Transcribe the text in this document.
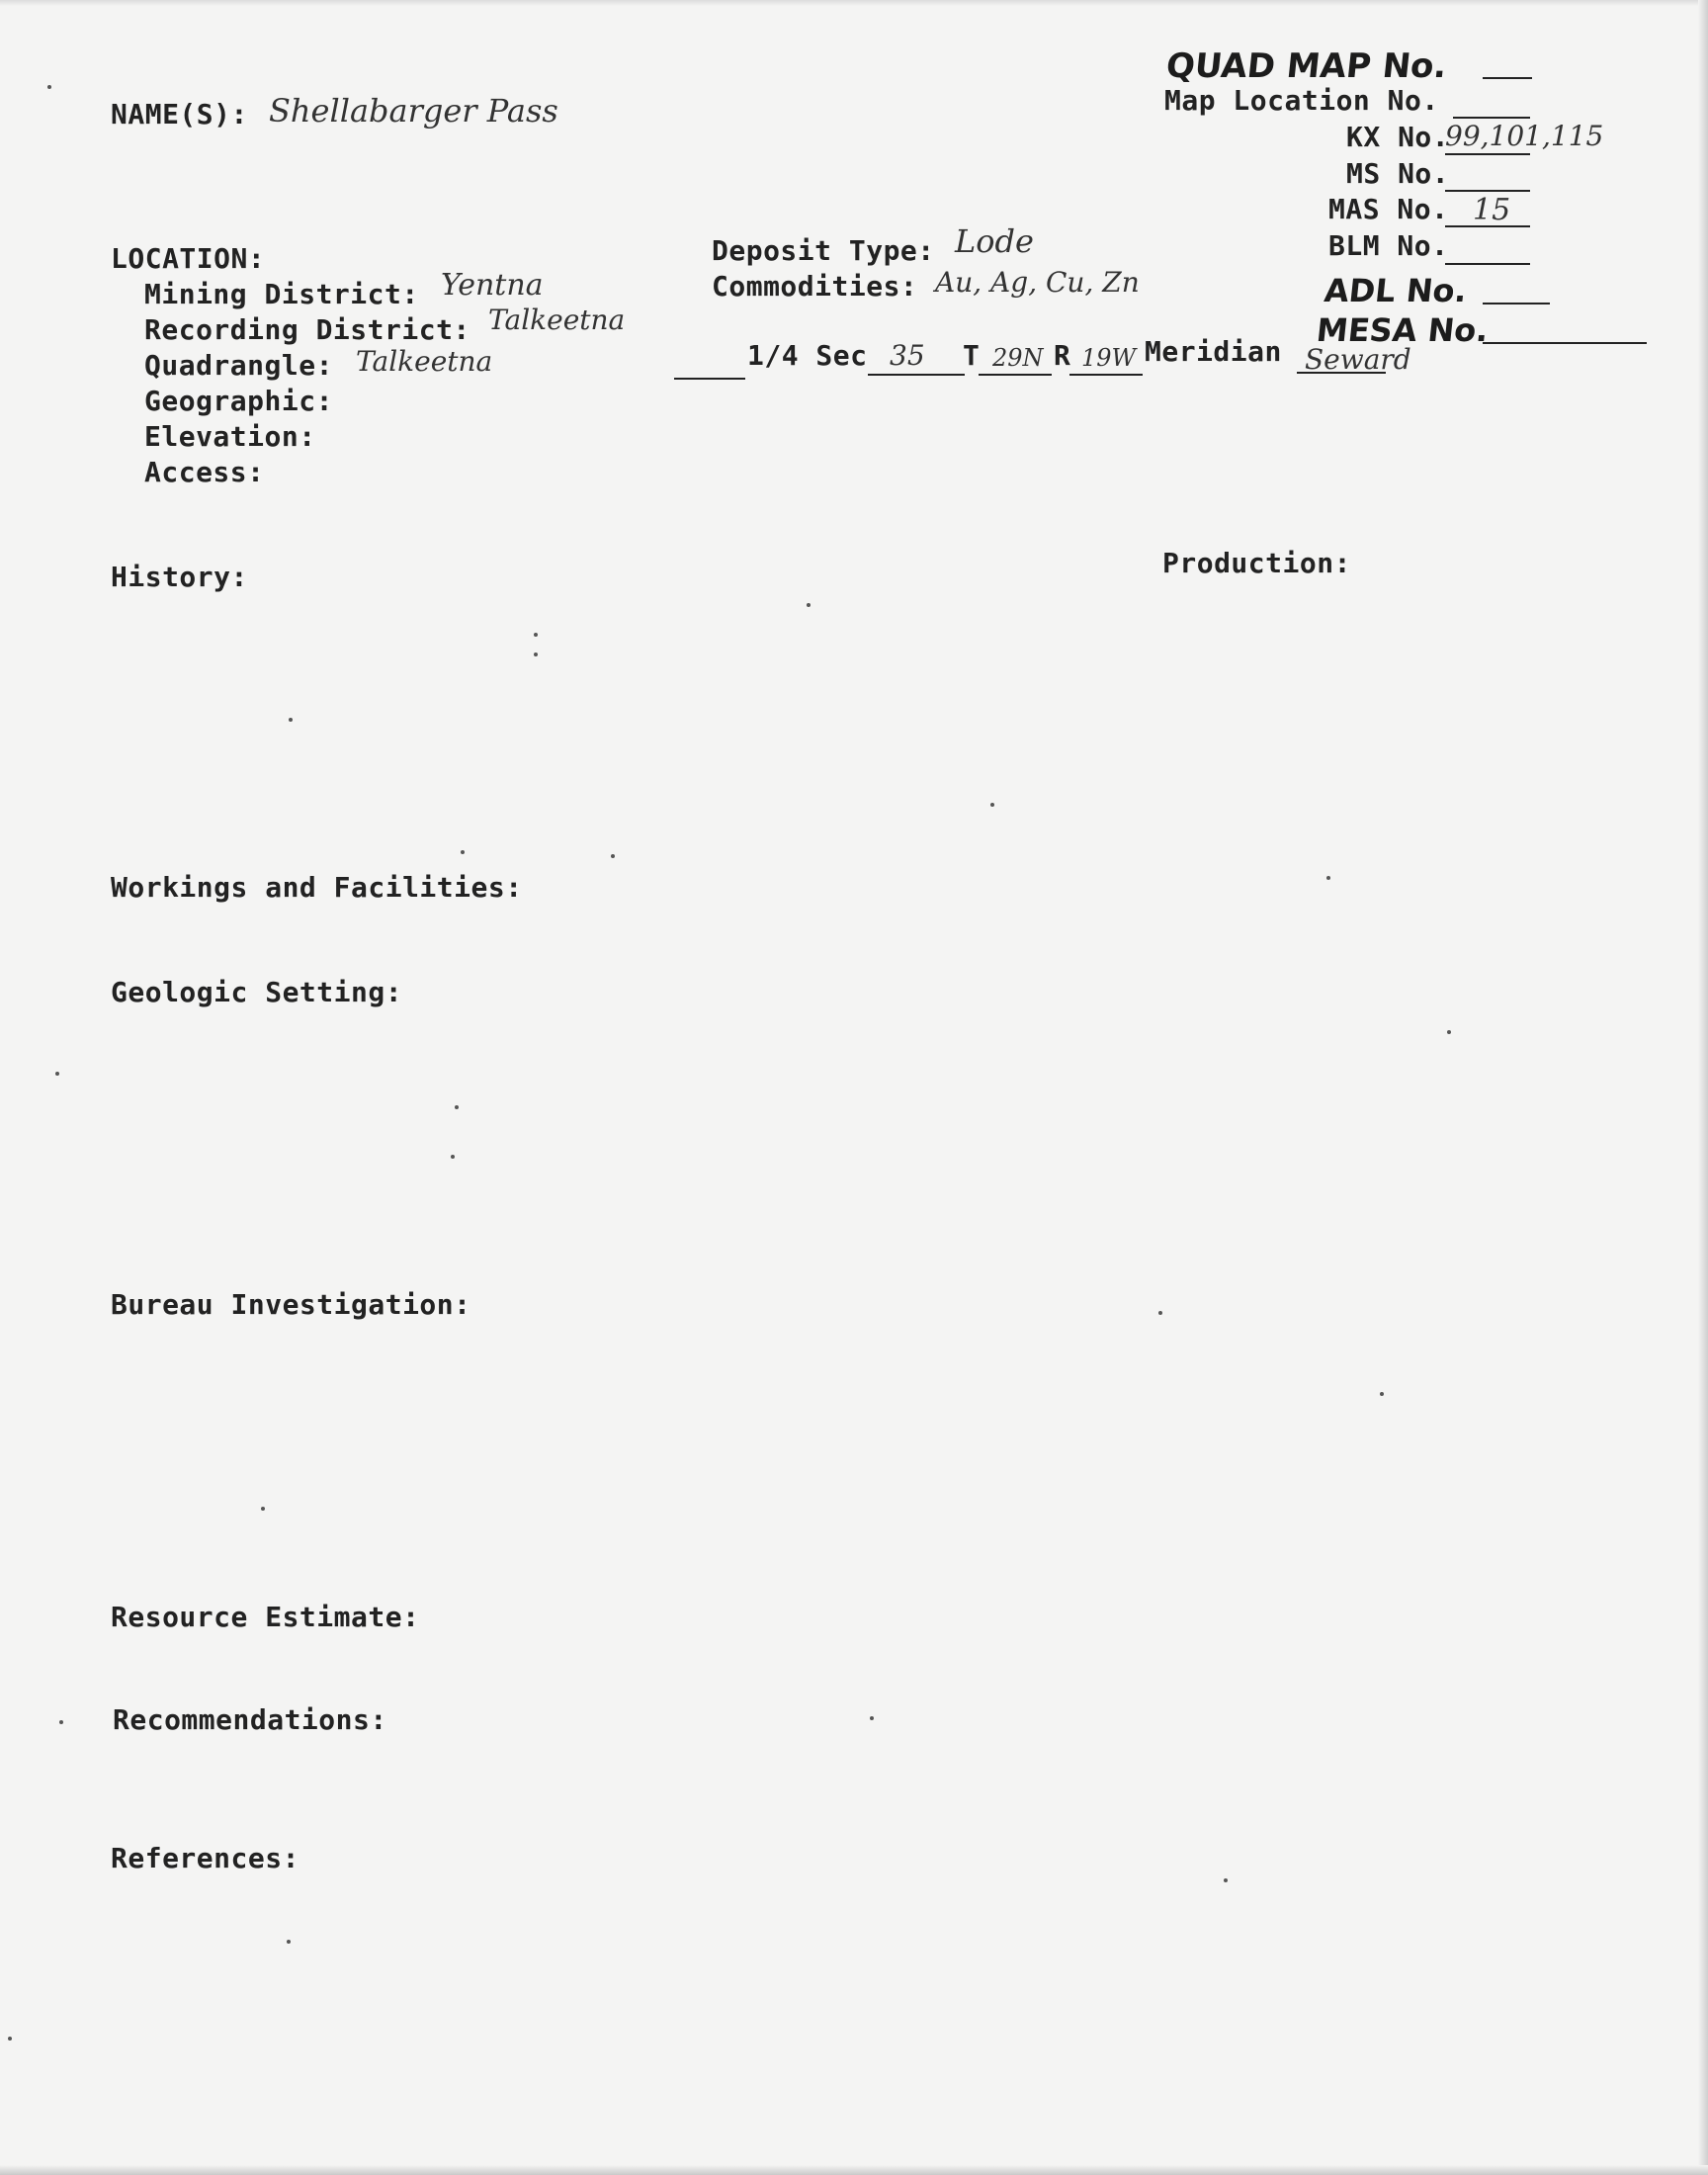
NAME(S): Shellabarger Pass
QUAD MAP No.
Map Location No.
KX No.
99,101,115
MS No.
MAS No. 15
BLM No.
ADL No.
MESA No.
LOCATION:
Mining District: Yentna
Recording District: Talkeetna
Quadrangle: Talkeetna
Geographic:
Elevation:
Access:
Deposit Type: Lode
Commodities: Au, Ag, Cu, Zn
1/4 Sec 35 T 29N R 19W Meridian Seward
History:	Production:
Workings and Facilities:
Geologic Setting:
Bureau Investigation:
Resource Estimate:
Recommendations:
References:
